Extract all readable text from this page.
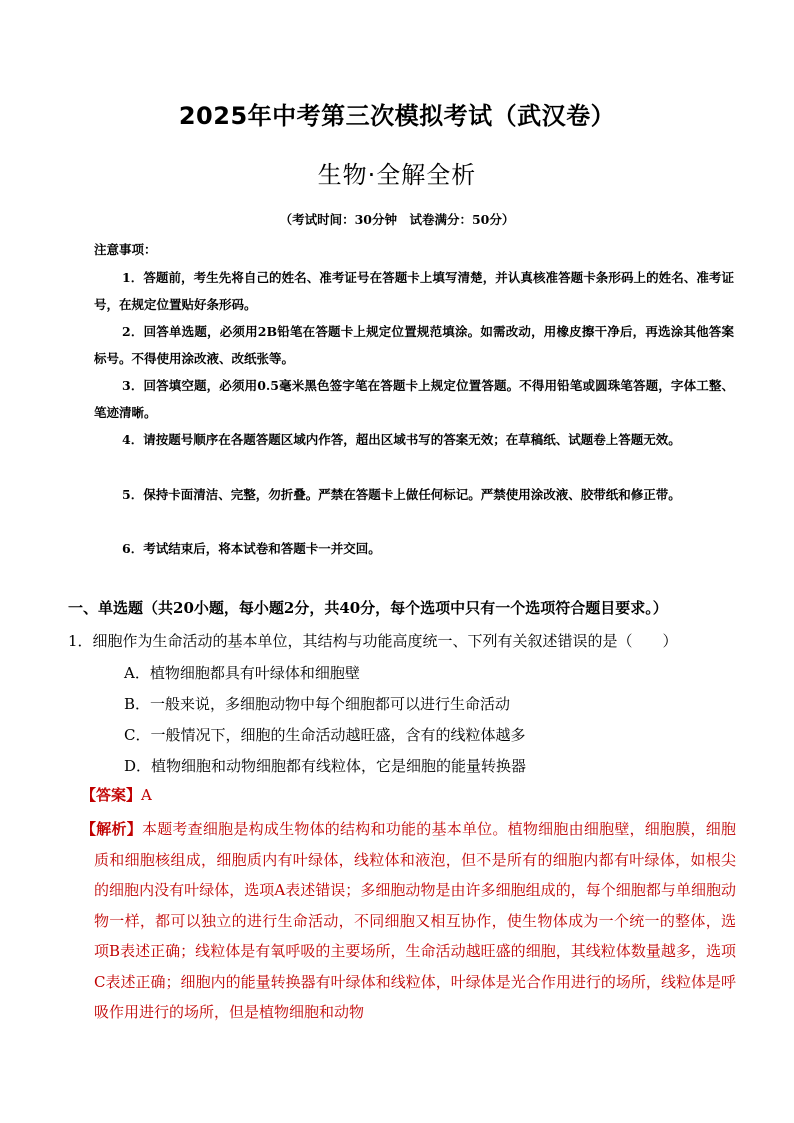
2025年中考第三次模拟考试（武汉卷）
生物·全解全析
（考试时间：30分钟　试卷满分：50分）
注意事项：
1．答题前，考生先将自己的姓名、准考证号在答题卡上填写清楚，并认真核准答题卡条形码上的姓名、准考证号，在规定位置贴好条形码。
2．回答单选题，必须用2B铅笔在答题卡上规定位置规范填涂。如需改动，用橡皮擦干净后，再选涂其他答案标号。不得使用涂改液、改纸张等。
3．回答填空题，必须用0.5毫米黑色签字笔在答题卡上规定位置答题。不得用铅笔或圆珠笔答题，字体工整、笔迹清晰。
4．请按题号顺序在各题答题区域内作答，超出区域书写的答案无效；在草稿纸、试题卷上答题无效。
5．保持卡面清洁、完整，勿折叠。严禁在答题卡上做任何标记。严禁使用涂改液、胶带纸和修正带。
6．考试结束后，将本试卷和答题卡一并交回。
一、单选题（共20小题，每小题2分，共40分，每个选项中只有一个选项符合题目要求。）
1．细胞作为生命活动的基本单位，其结构与功能高度统一、下列有关叙述错误的是（　　）
A．植物细胞都具有叶绿体和细胞壁
B．一般来说，多细胞动物中每个细胞都可以进行生命活动
C．一般情况下，细胞的生命活动越旺盛，含有的线粒体越多
D．植物细胞和动物细胞都有线粒体，它是细胞的能量转换器
【答案】A
【解析】本题考查细胞是构成生物体的结构和功能的基本单位。植物细胞由细胞壁，细胞膜，细胞质和细胞核组成，细胞质内有叶绿体，线粒体和液泡，但不是所有的细胞内都有叶绿体，如根尖的细胞内没有叶绿体，选项A表述错误；多细胞动物是由许多细胞组成的，每个细胞都与单细胞动物一样，都可以独立的进行生命活动，不同细胞又相互协作，使生物体成为一个统一的整体，选项B表述正确；线粒体是有氧呼吸的主要场所，生命活动越旺盛的细胞，其线粒体数量越多，选项C表述正确；细胞内的能量转换器有叶绿体和线粒体，叶绿体是光合作用进行的场所，线粒体是呼吸作用进行的场所，但是植物细胞和动物
